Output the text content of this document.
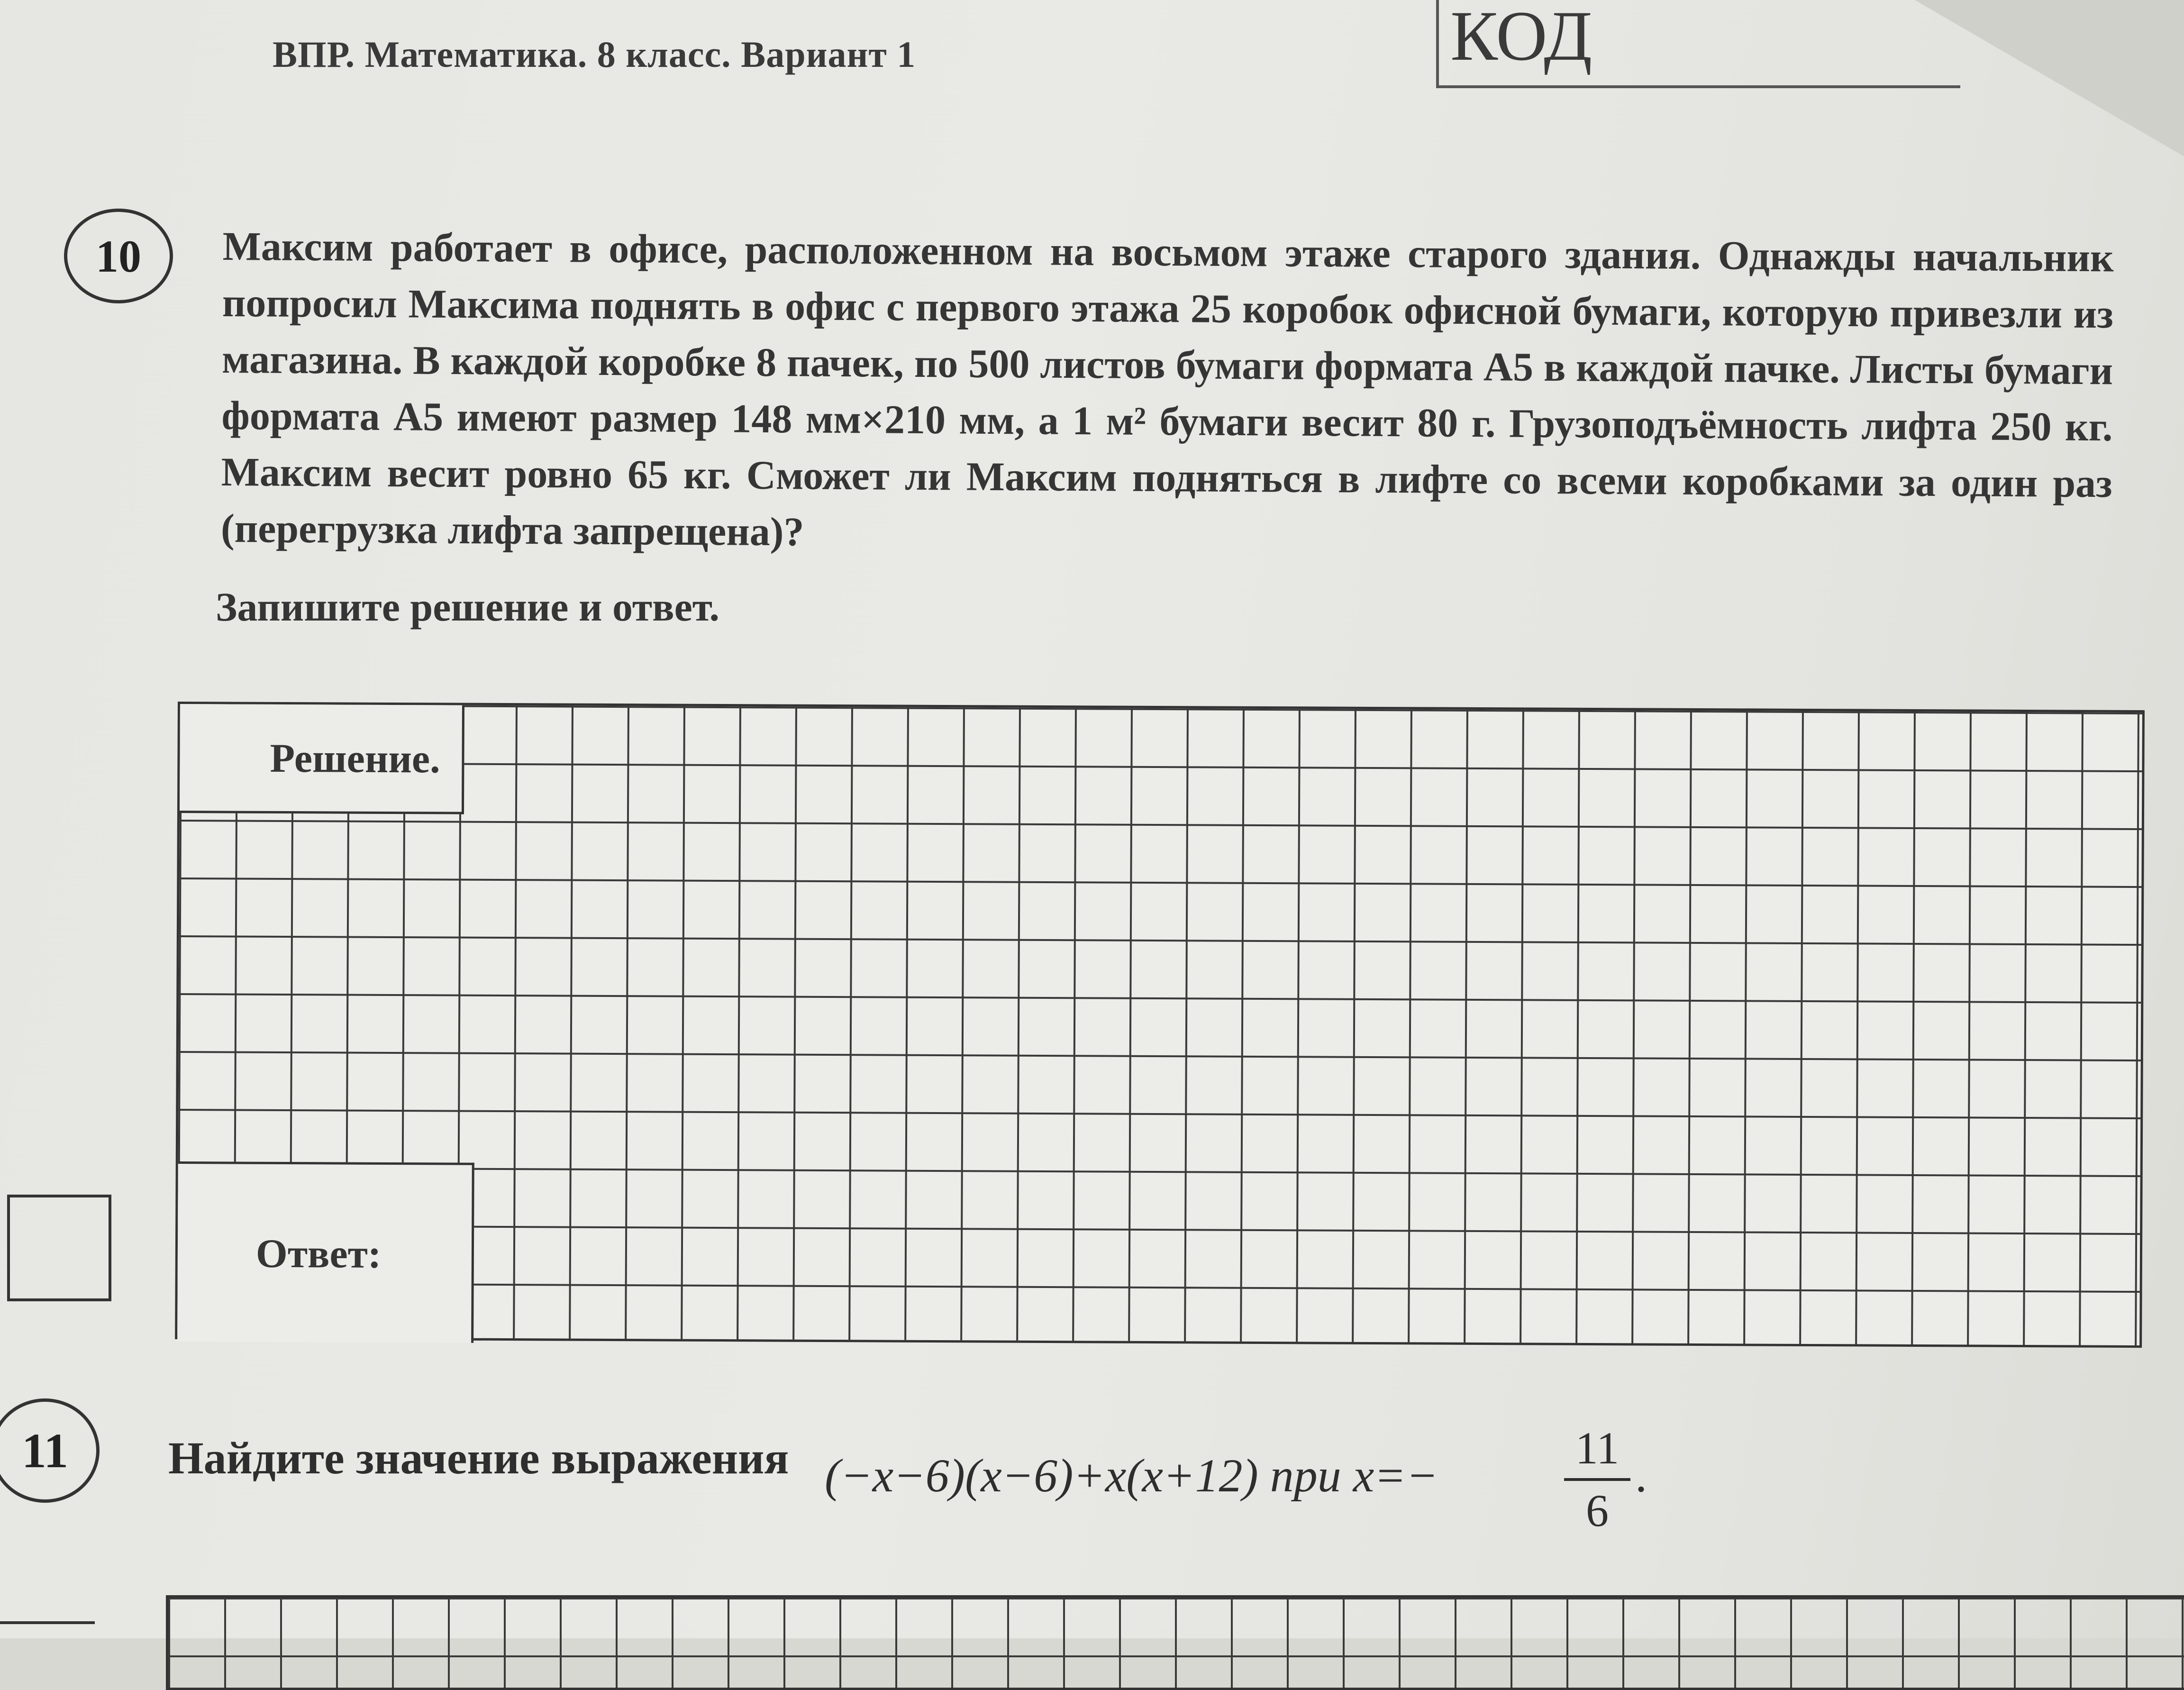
ВПР. Математика. 8 класс. Вариант 1	КОД
10	Максим работает в офисе, расположенном на восьмом этаже старого здания. Однажды начальник попросил Максима поднять в офис с первого этажа 25 коробок офисной бумаги, которую привезли из магазина. В каждой коробке 8 пачек, по 500 листов бумаги формата А5 в каждой пачке. Листы бумаги формата А5 имеют размер 148 мм×210 мм, а 1 м² бумаги весит 80 г. Грузоподъёмность лифта 250 кг. Максим весит ровно 65 кг. Сможет ли Максим подняться в лифте со всеми коробками за один раз (перегрузка лифта запрещена)?
Запишите решение и ответ.
Решение.
Ответ:
11	Найдите значение выражения (−x−6)(x−6)+x(x+12) при x=−
11
6
.
